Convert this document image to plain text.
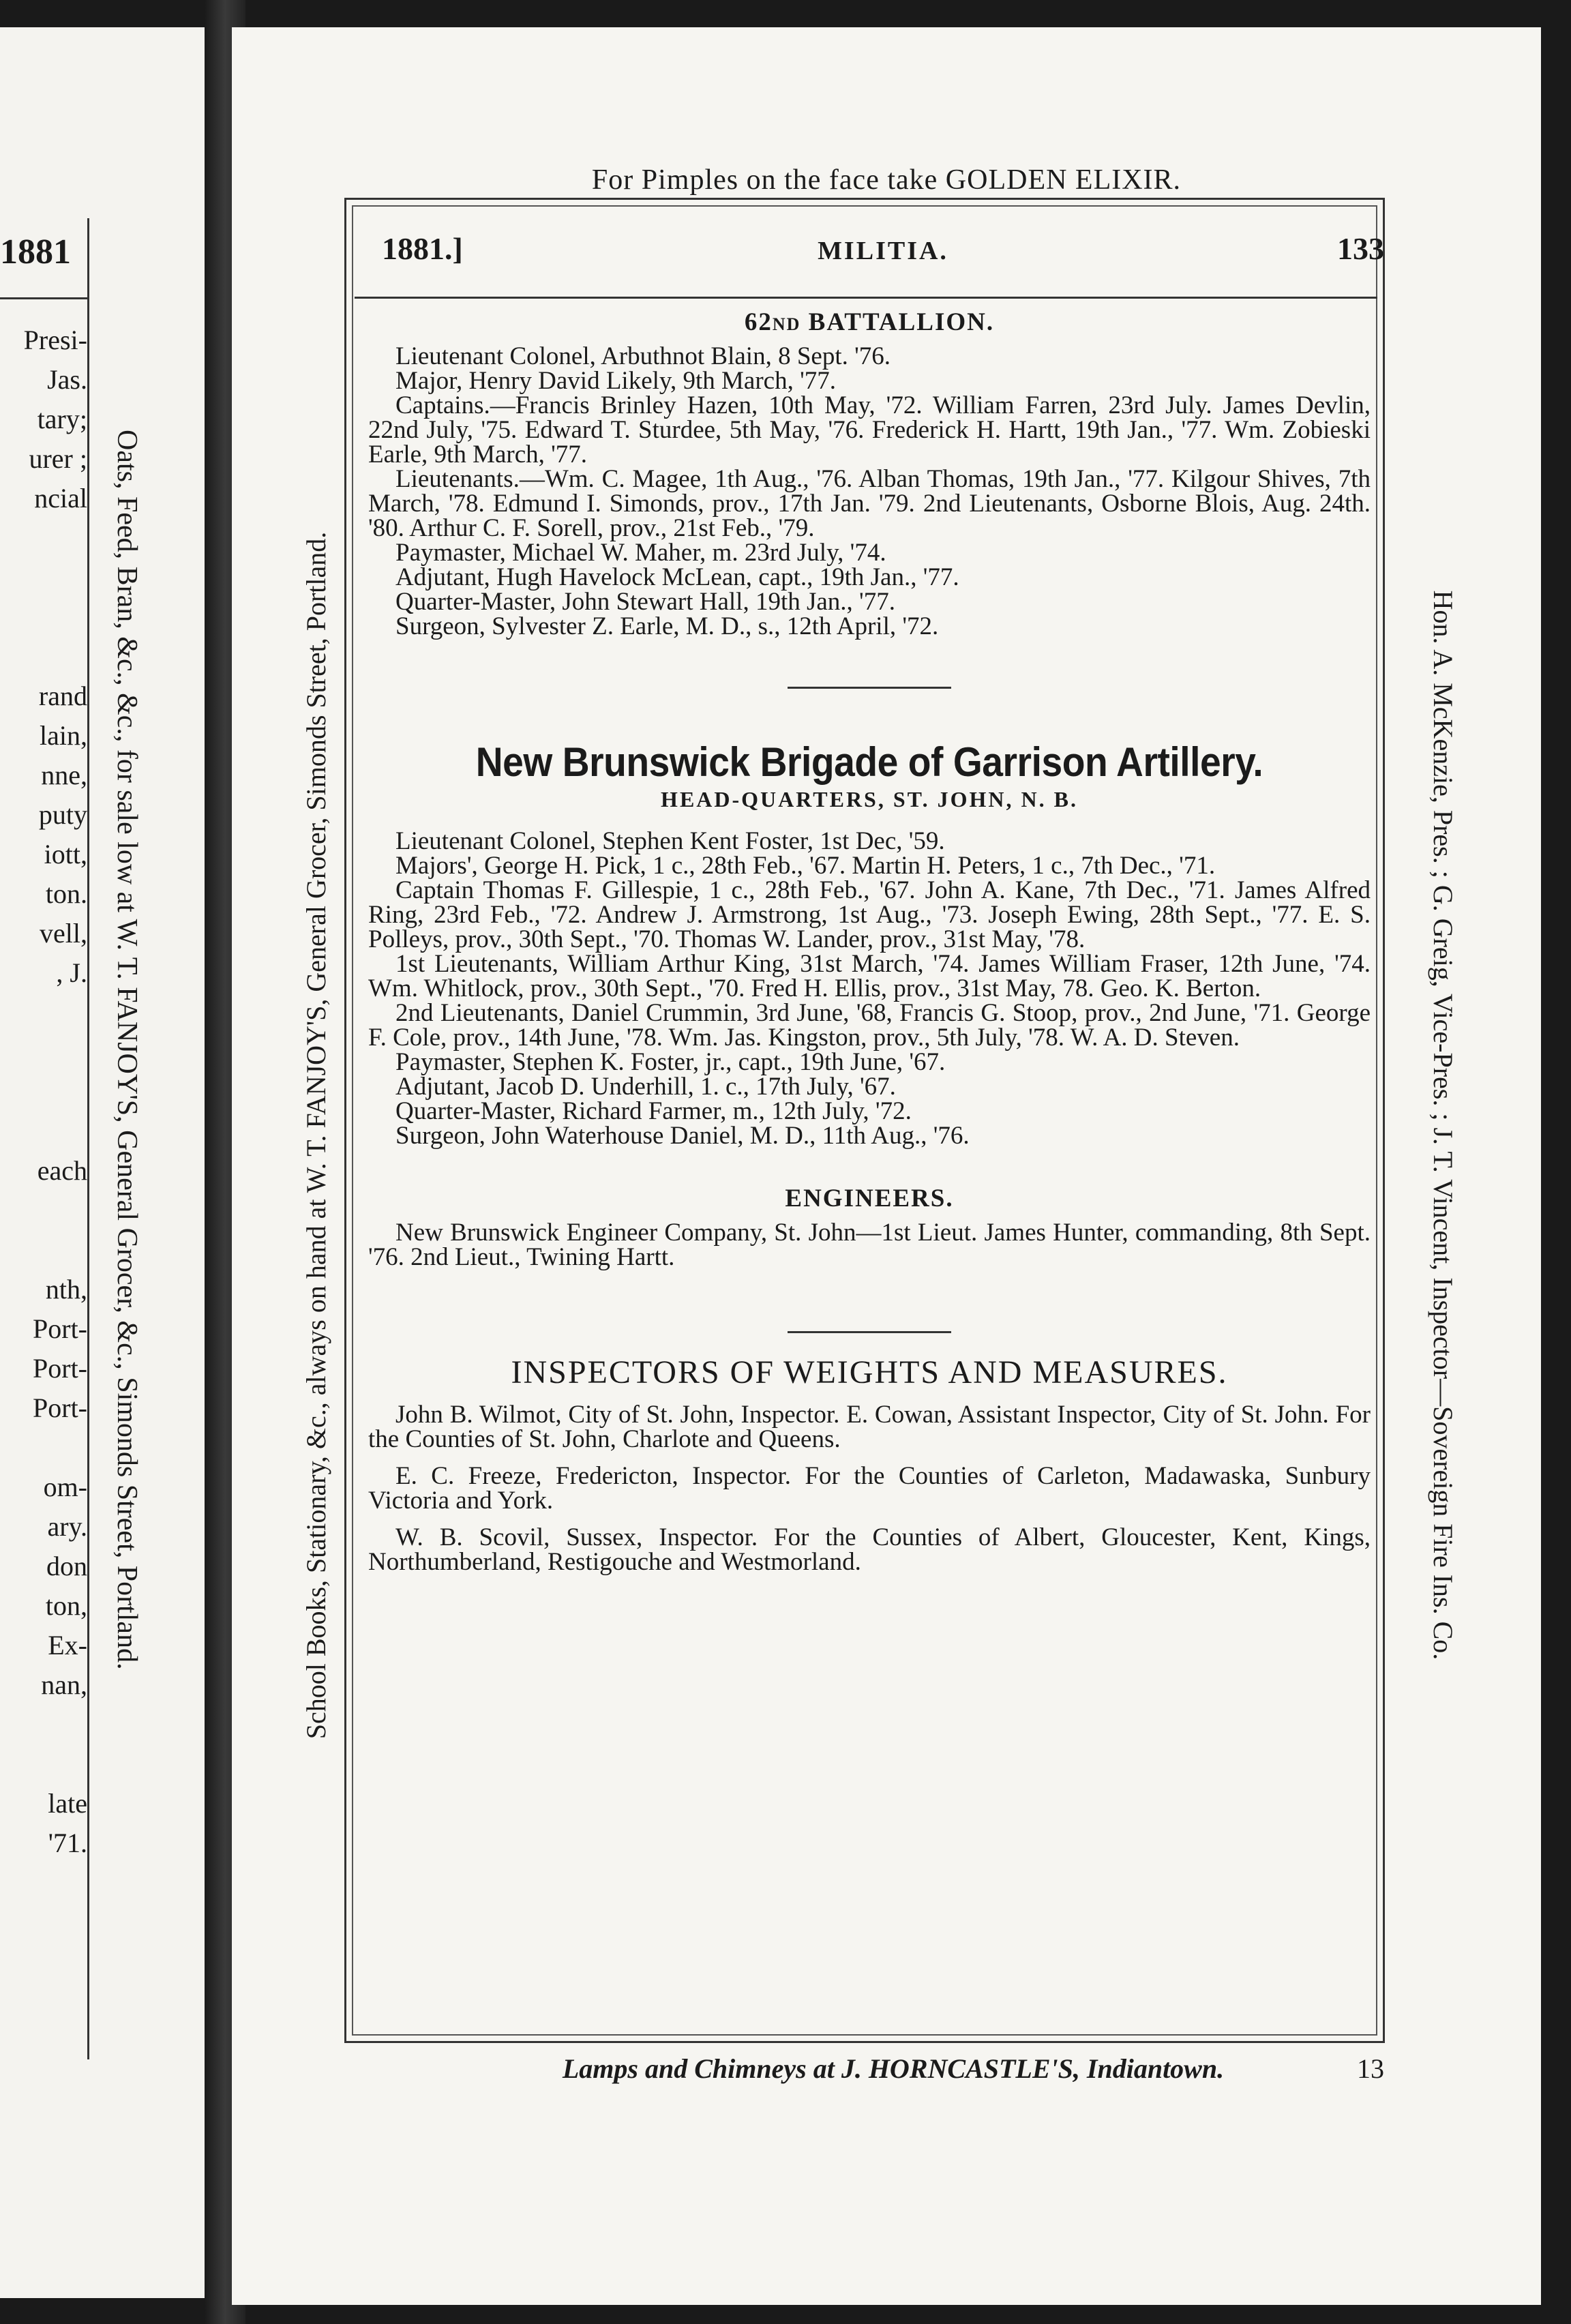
1881
Presi-
Jas.
tary;
urer ;
ncial

rand
lain,
nne,
puty
iott,
ton.
vell,
, J.

each

nth,
Port-
Port-
Port-

om-
ary.
don
ton,
Ex-
nan,

late
'71.
Oats, Feed, Bran, &c., &c., for sale low at W. T. FANJOY'S, General Grocer, &c., Simonds Street, Portland.
For Pimples on the face take GOLDEN ELIXIR.
School Books, Stationary, &c., always on hand at W. T. FANJOY'S, General Grocer, Simonds Street, Portland.	Hon. A. McKenzie, Pres. ; G. Greig, Vice-Pres. ; J. T. Vincent, Inspector—Sovereign Fire Ins. Co.
1881.]	MILITIA.	133
62nd BATTALLION.

Lieutenant Colonel, Arbuthnot Blain, 8 Sept. '76.

Major, Henry David Likely, 9th March, '77.

Captains.—Francis Brinley Hazen, 10th May, '72. William Farren, 23rd July. James Devlin, 22nd July, '75. Edward T. Sturdee, 5th May, '76. Frederick H. Hartt, 19th Jan., '77. Wm. Zobieski Earle, 9th March, '77.

Lieutenants.—Wm. C. Magee, 1th Aug., '76. Alban Thomas, 19th Jan., '77. Kilgour Shives, 7th March, '78. Edmund I. Simonds, prov., 17th Jan. '79. 2nd Lieutenants, Osborne Blois, Aug. 24th. '80. Arthur C. F. Sorell, prov., 21st Feb., '79.

Paymaster, Michael W. Maher, m. 23rd July, '74.

Adjutant, Hugh Havelock McLean, capt., 19th Jan., '77.

Quarter-Master, John Stewart Hall, 19th Jan., '77.

Surgeon, Sylvester Z. Earle, M. D., s., 12th April, '72.

New Brunswick Brigade of Garrison Artillery.
HEAD-QUARTERS, ST. JOHN, N. B.

Lieutenant Colonel, Stephen Kent Foster, 1st Dec, '59.

Majors', George H. Pick, 1 c., 28th Feb., '67. Martin H. Peters, 1 c., 7th Dec., '71.

Captain Thomas F. Gillespie, 1 c., 28th Feb., '67. John A. Kane, 7th Dec., '71. James Alfred Ring, 23rd Feb., '72. Andrew J. Armstrong, 1st Aug., '73. Joseph Ewing, 28th Sept., '77. E. S. Polleys, prov., 30th Sept., '70. Thomas W. Lander, prov., 31st May, '78.

1st Lieutenants, William Arthur King, 31st March, '74. James William Fraser, 12th June, '74. Wm. Whitlock, prov., 30th Sept., '70. Fred H. Ellis, prov., 31st May, 78. Geo. K. Berton.

2nd Lieutenants, Daniel Crummin, 3rd June, '68, Francis G. Stoop, prov., 2nd June, '71. George F. Cole, prov., 14th June, '78. Wm. Jas. Kingston, prov., 5th July, '78. W. A. D. Steven.

Paymaster, Stephen K. Foster, jr., capt., 19th June, '67.

Adjutant, Jacob D. Underhill, 1. c., 17th July, '67.

Quarter-Master, Richard Farmer, m., 12th July, '72.

Surgeon, John Waterhouse Daniel, M. D., 11th Aug., '76.

ENGINEERS.

New Brunswick Engineer Company, St. John—1st Lieut. James Hunter, commanding, 8th Sept. '76. 2nd Lieut., Twining Hartt.

INSPECTORS OF WEIGHTS AND MEASURES.

John B. Wilmot, City of St. John, Inspector. E. Cowan, Assistant Inspector, City of St. John. For the Counties of St. John, Charlote and Queens.

E. C. Freeze, Fredericton, Inspector. For the Counties of Carleton, Madawaska, Sunbury Victoria and York.

W. B. Scovil, Sussex, Inspector. For the Counties of Albert, Gloucester, Kent, Kings, Northumberland, Restigouche and Westmorland.

Lamps and Chimneys at J. HORNCASTLE'S, Indiantown.	13
